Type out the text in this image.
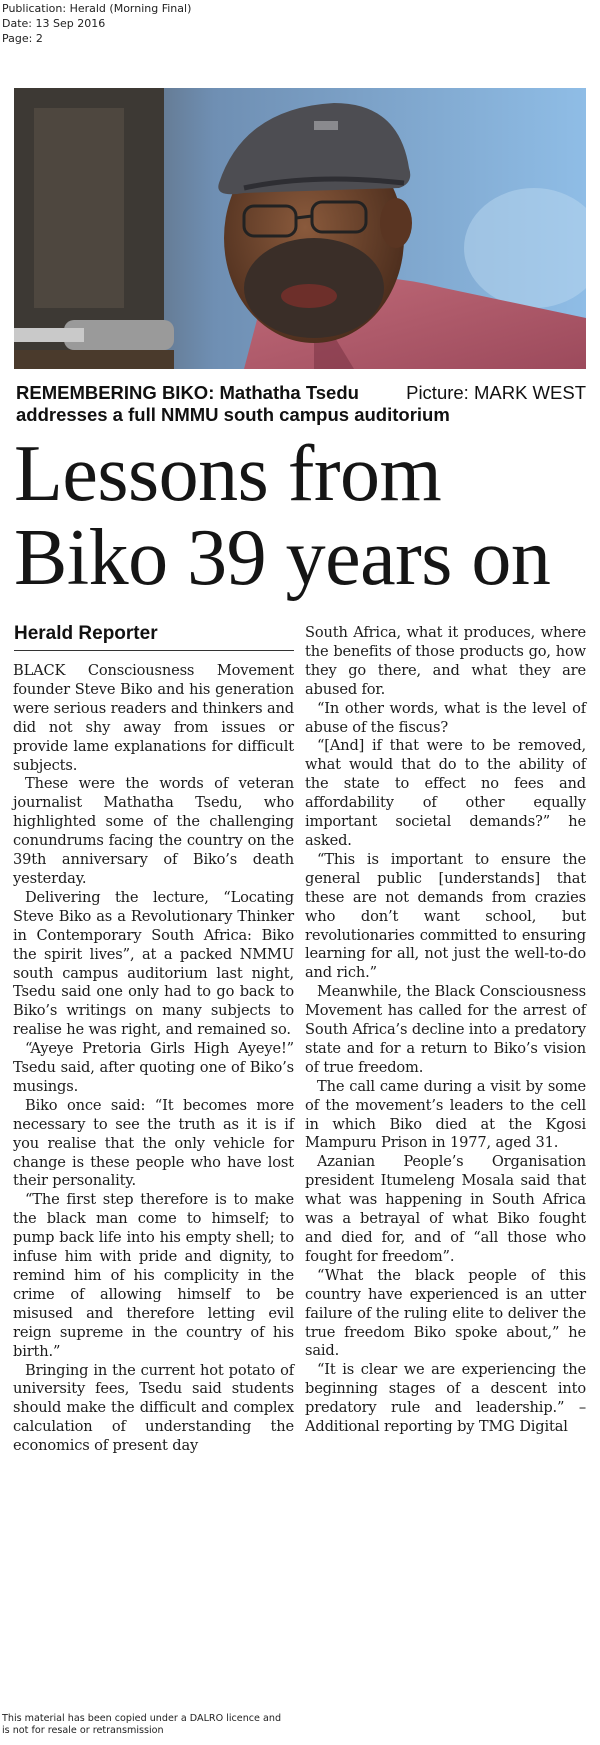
Publication: Herald (Morning Final)
Date: 13 Sep 2016
Page: 2
Picture: MARK WEST
REMEMBERING BIKO: Mathatha Tsedu addresses a full NMMU south campus auditorium
Lessons from
Biko 39 years on
Herald Reporter

BLACK Consciousness Movement founder Steve Biko and his generation were serious readers and thinkers and did not shy away from issues or provide lame explanations for difficult subjects.

These were the words of veteran journalist Mathatha Tsedu, who highlighted some of the challenging conundrums facing the country on the 39th anniversary of Biko’s death yesterday.

Delivering the lecture, “Locating Steve Biko as a Revolutionary Thinker in Contemporary South Africa: Biko the spirit lives”, at a packed NMMU south campus auditorium last night, Tsedu said one only had to go back to Biko’s writings on many subjects to realise he was right, and remained so.

“Ayeye Pretoria Girls High Ayeye!” Tsedu said, after quoting one of Biko’s musings.

Biko once said: “It becomes more necessary to see the truth as it is if you realise that the only vehicle for change is these people who have lost their personality.

“The first step therefore is to make the black man come to himself; to pump back life into his empty shell; to infuse him with pride and dignity, to remind him of his complicity in the crime of allowing himself to be misused and therefore letting evil reign supreme in the country of his birth.”

Bringing in the current hot potato of university fees, Tsedu said students should make the difficult and complex calculation of understanding the economics of present day

South Africa, what it produces, where the benefits of those products go, how they go there, and what they are abused for.

“In other words, what is the level of abuse of the fiscus?

“[And] if that were to be removed, what would that do to the ability of the state to effect no fees and affordability of other equally important societal demands?” he asked.

“This is important to ensure the general public [understands] that these are not demands from crazies who don’t want school, but revolutionaries committed to ensuring learning for all, not just the well-to-do and rich.”

Meanwhile, the Black Consciousness Movement has called for the arrest of South Africa’s decline into a predatory state and for a return to Biko’s vision of true freedom.

The call came during a visit by some of the movement’s leaders to the cell in which Biko died at the Kgosi Mampuru Prison in 1977, aged 31.

Azanian People’s Organisation president Itumeleng Mosala said that what was happening in South Africa was a betrayal of what Biko fought and died for, and of “all those who fought for freedom”.

“What the black people of this country have experienced is an utter failure of the ruling elite to deliver the true freedom Biko spoke about,” he said.

“It is clear we are experiencing the beginning stages of a descent into predatory rule and leadership.” – Additional reporting by TMG Digital

This material has been copied under a DALRO licence and
is not for resale or retransmission
